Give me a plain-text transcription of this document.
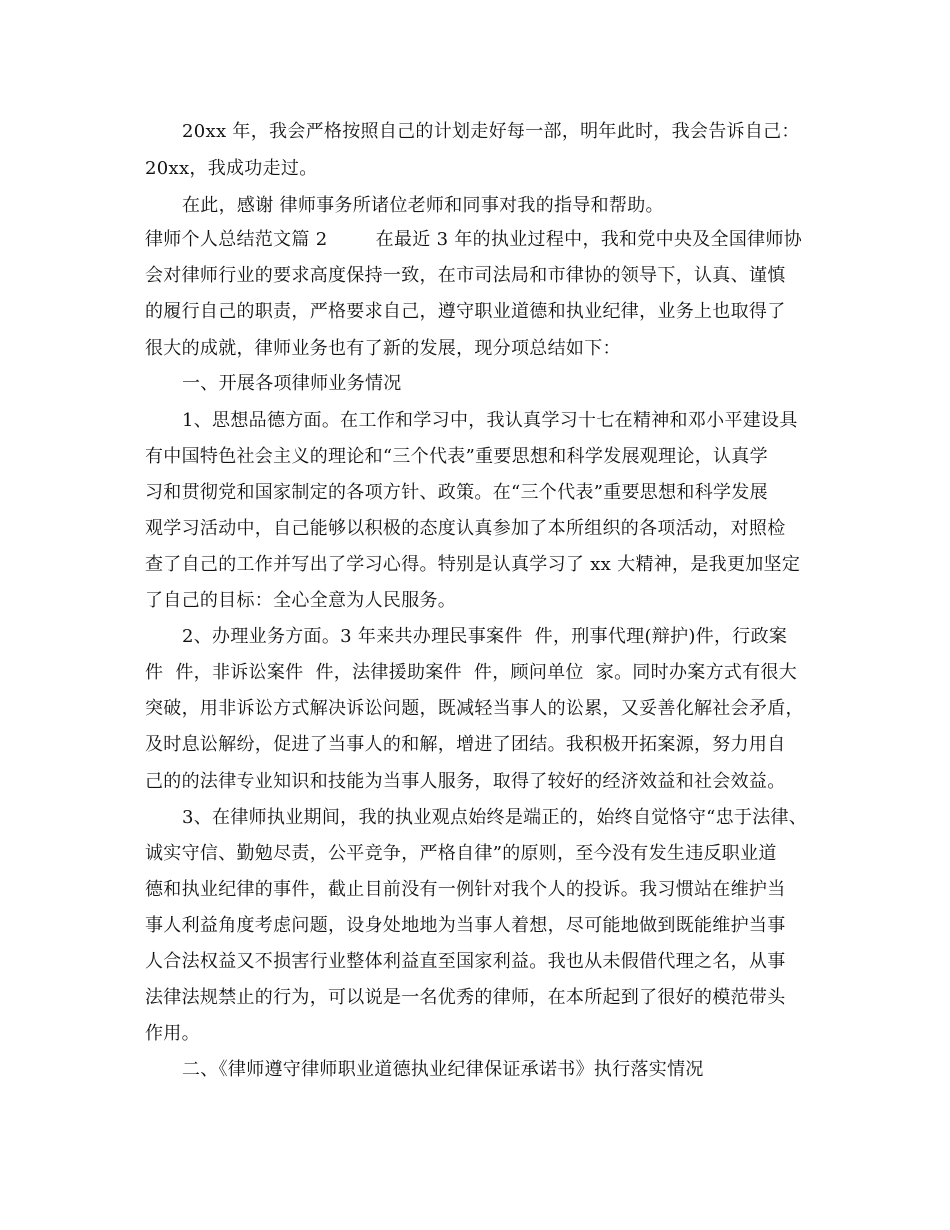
20xx 年，我会严格按照自己的计划走好每一部，明年此时，我会告诉自己：
20xx，我成功走过。
在此，感谢 律师事务所诸位老师和同事对我的指导和帮助。
律师个人总结范文篇 2        在最近 3 年的执业过程中，我和党中央及全国律师协
会对律师行业的要求高度保持一致，在市司法局和市律协的领导下，认真、谨慎
的履行自己的职责，严格要求自己，遵守职业道德和执业纪律，业务上也取得了
很大的成就，律师业务也有了新的发展，现分项总结如下：
一、开展各项律师业务情况
1、思想品德方面。在工作和学习中，我认真学习十七在精神和邓小平建设具
有中国特色社会主义的理论和“三个代表”重要思想和科学发展观理论，认真学
习和贯彻党和国家制定的各项方针、政策。在“三个代表”重要思想和科学发展
观学习活动中，自己能够以积极的态度认真参加了本所组织的各项活动，对照检
查了自己的工作并写出了学习心得。特别是认真学习了 xx 大精神，是我更加坚定
了自己的目标：全心全意为人民服务。
2、办理业务方面。3 年来共办理民事案件  件，刑事代理(辩护)件，行政案
件  件，非诉讼案件  件，法律援助案件  件，顾问单位  家。同时办案方式有很大
突破，用非诉讼方式解决诉讼问题，既减轻当事人的讼累，又妥善化解社会矛盾，
及时息讼解纷，促进了当事人的和解，增进了团结。我积极开拓案源，努力用自
己的的法律专业知识和技能为当事人服务，取得了较好的经济效益和社会效益。
3、在律师执业期间，我的执业观点始终是端正的，始终自觉恪守“忠于法律、
诚实守信、勤勉尽责，公平竞争，严格自律”的原则，至今没有发生违反职业道
德和执业纪律的事件，截止目前没有一例针对我个人的投诉。我习惯站在维护当
事人利益角度考虑问题，设身处地地为当事人着想，尽可能地做到既能维护当事
人合法权益又不损害行业整体利益直至国家利益。我也从未假借代理之名，从事
法律法规禁止的行为，可以说是一名优秀的律师，在本所起到了很好的模范带头
作用。
二、《律师遵守律师职业道德执业纪律保证承诺书》执行落实情况
